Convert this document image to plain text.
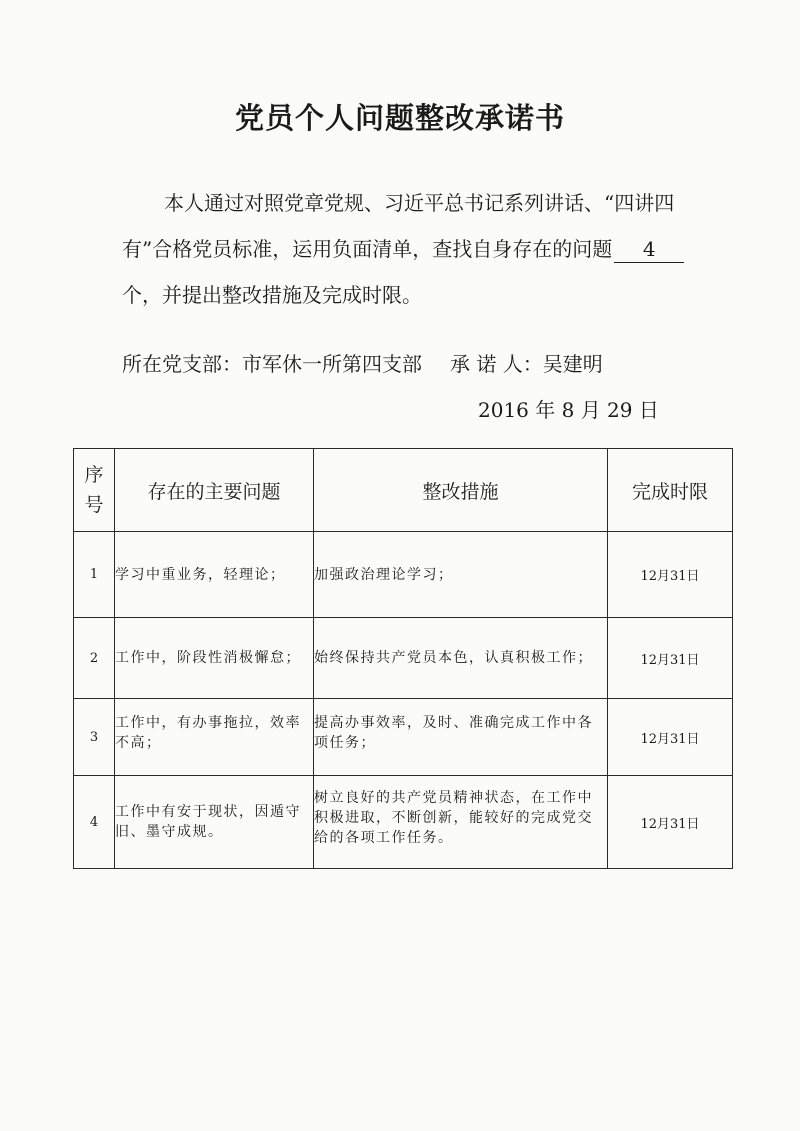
党员个人问题整改承诺书

本人通过对照党章党规、习近平总书记系列讲话、“四讲四有”合格党员标准，运用负面清单，查找自身存在的问题 4个，并提出整改措施及完成时限。

所在党支部：市军休一所第四支部 承 诺 人：吴建明
2016 年 8 月 29 日
序号	存在的主要问题	整改措施	完成时限
1	学习中重业务，轻理论；	加强政治理论学习；	12月31日
2	工作中，阶段性消极懈怠；	始终保持共产党员本色，认真积极工作；	12月31日
3	工作中，有办事拖拉，效率不高；	提高办事效率，及时、准确完成工作中各项任务；	12月31日
4	工作中有安于现状，因遁守旧、墨守成规。	树立良好的共产党员精神状态，在工作中积极进取，不断创新，能较好的完成党交给的各项工作任务。	12月31日
